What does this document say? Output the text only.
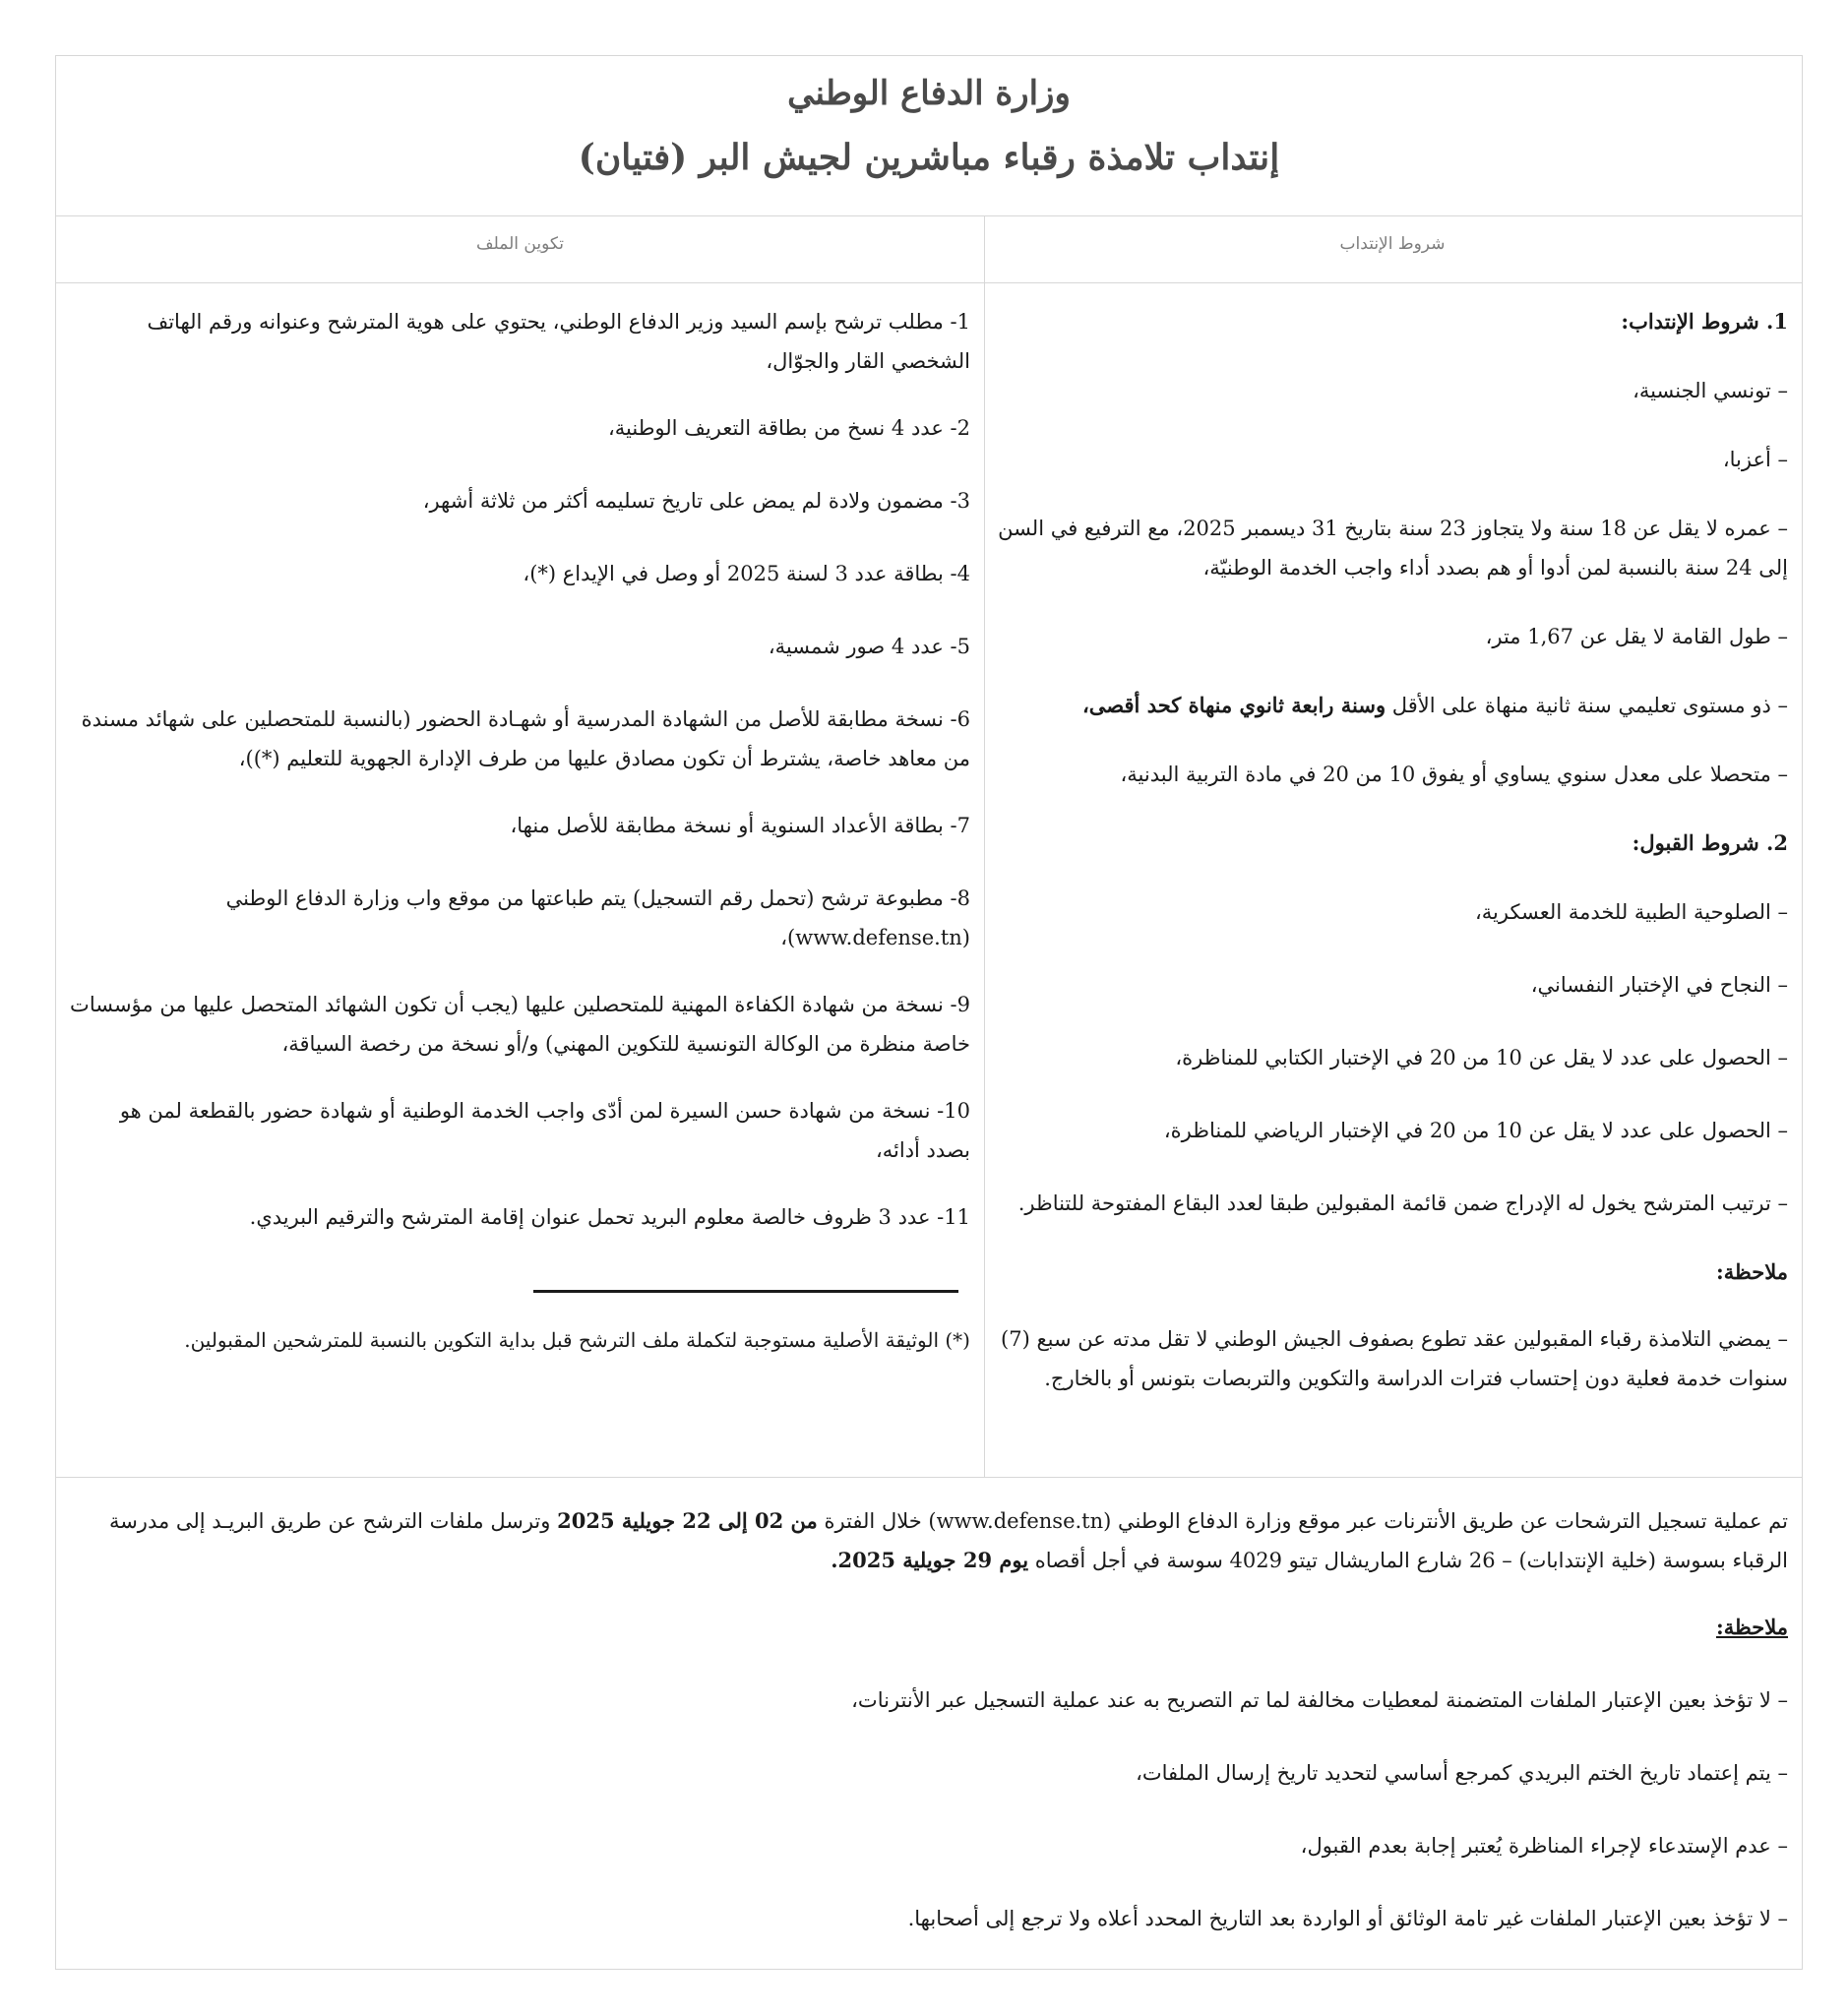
وزارة الدفاع الوطني
إنتداب تلامذة رقباء مباشرين لجيش البر (فتيان)
شروط الإنتداب
تكوين الملف

1. شروط الإنتداب:

– تونسي الجنسية،

– أعزبا،

– عمره لا يقل عن 18 سنة ولا يتجاوز 23 سنة بتاريخ 31 ديسمبر 2025، مع الترفيع في السن إلى 24 سنة بالنسبة لمن أدوا أو هم بصدد أداء واجب الخدمة الوطنيّة،

– طول القامة لا يقل عن 1,67 متر،

– ذو مستوى تعليمي سنة ثانية منهاة على الأقل وسنة رابعة ثانوي منهاة كحد أقصى،

– متحصلا على معدل سنوي يساوي أو يفوق 10 من 20 في مادة التربية البدنية،

2. شروط القبول:

– الصلوحية الطبية للخدمة العسكرية،

– النجاح في الإختبار النفساني،

– الحصول على عدد لا يقل عن 10 من 20 في الإختبار الكتابي للمناظرة،

– الحصول على عدد لا يقل عن 10 من 20 في الإختبار الرياضي للمناظرة،

– ترتيب المترشح يخول له الإدراج ضمن قائمة المقبولين طبقا لعدد البقاع المفتوحة للتناظر.

ملاحظة:

– يمضي التلامذة رقباء المقبولين عقد تطوع بصفوف الجيش الوطني لا تقل مدته عن سبع (7) سنوات خدمة فعلية دون إحتساب فترات الدراسة والتكوين والتربصات بتونس أو بالخارج.

1- مطلب ترشح بإسم السيد وزير الدفاع الوطني، يحتوي على هوية المترشح وعنوانه ورقم الهاتف الشخصي القار والجوّال،

2- عدد 4 نسخ من بطاقة التعريف الوطنية،

3- مضمون ولادة لم يمض على تاريخ تسليمه أكثر من ثلاثة أشهر،

4- بطاقة عدد 3 لسنة 2025 أو وصل في الإيداع (*)،

5- عدد 4 صور شمسية،

6- نسخة مطابقة للأصل من الشهادة المدرسية أو شهـادة الحضور (بالنسبة للمتحصلين على شهائد مسندة من معاهد خاصة، يشترط أن تكون مصادق عليها من طرف الإدارة الجهوية للتعليم (*))،

7- بطاقة الأعداد السنوية أو نسخة مطابقة للأصل منها،

8- مطبوعة ترشح (تحمل رقم التسجيل) يتم طباعتها من موقع واب وزارة الدفاع الوطني (www.defense.tn)،

9- نسخة من شهادة الكفاءة المهنية للمتحصلين عليها (يجب أن تكون الشهائد المتحصل عليها من مؤسسات خاصة منظرة من الوكالة التونسية للتكوين المهني) و/أو نسخة من رخصة السياقة،

10- نسخة من شهادة حسن السيرة لمن أدّى واجب الخدمة الوطنية أو شهادة حضور بالقطعة لمن هو بصدد أدائه،

11- عدد 3 ظروف خالصة معلوم البريد تحمل عنوان إقامة المترشح والترقيم البريدي.

(*) الوثيقة الأصلية مستوجبة لتكملة ملف الترشح قبل بداية التكوين بالنسبة للمترشحين المقبولين.

تم عملية تسجيل الترشحات عن طريق الأنترنات عبر موقع وزارة الدفاع الوطني (www.defense.tn) خلال الفترة من 02 إلى 22 جويلية 2025 وترسل ملفات الترشح عن طريق البريـد إلى مدرسة الرقباء بسوسة (خلية الإنتدابات) – 26 شارع الماريشال تيتو 4029 سوسة في أجل أقصاه يوم 29 جويلية 2025.

ملاحظة:

– لا تؤخذ بعين الإعتبار الملفات المتضمنة لمعطيات مخالفة لما تم التصريح به عند عملية التسجيل عبر الأنترنات،

– يتم إعتماد تاريخ الختم البريدي كمرجع أساسي لتحديد تاريخ إرسال الملفات،

– عدم الإستدعاء لإجراء المناظرة يُعتبر إجابة بعدم القبول،

– لا تؤخذ بعين الإعتبار الملفات غير تامة الوثائق أو الواردة بعد التاريخ المحدد أعلاه ولا ترجع إلى أصحابها.
